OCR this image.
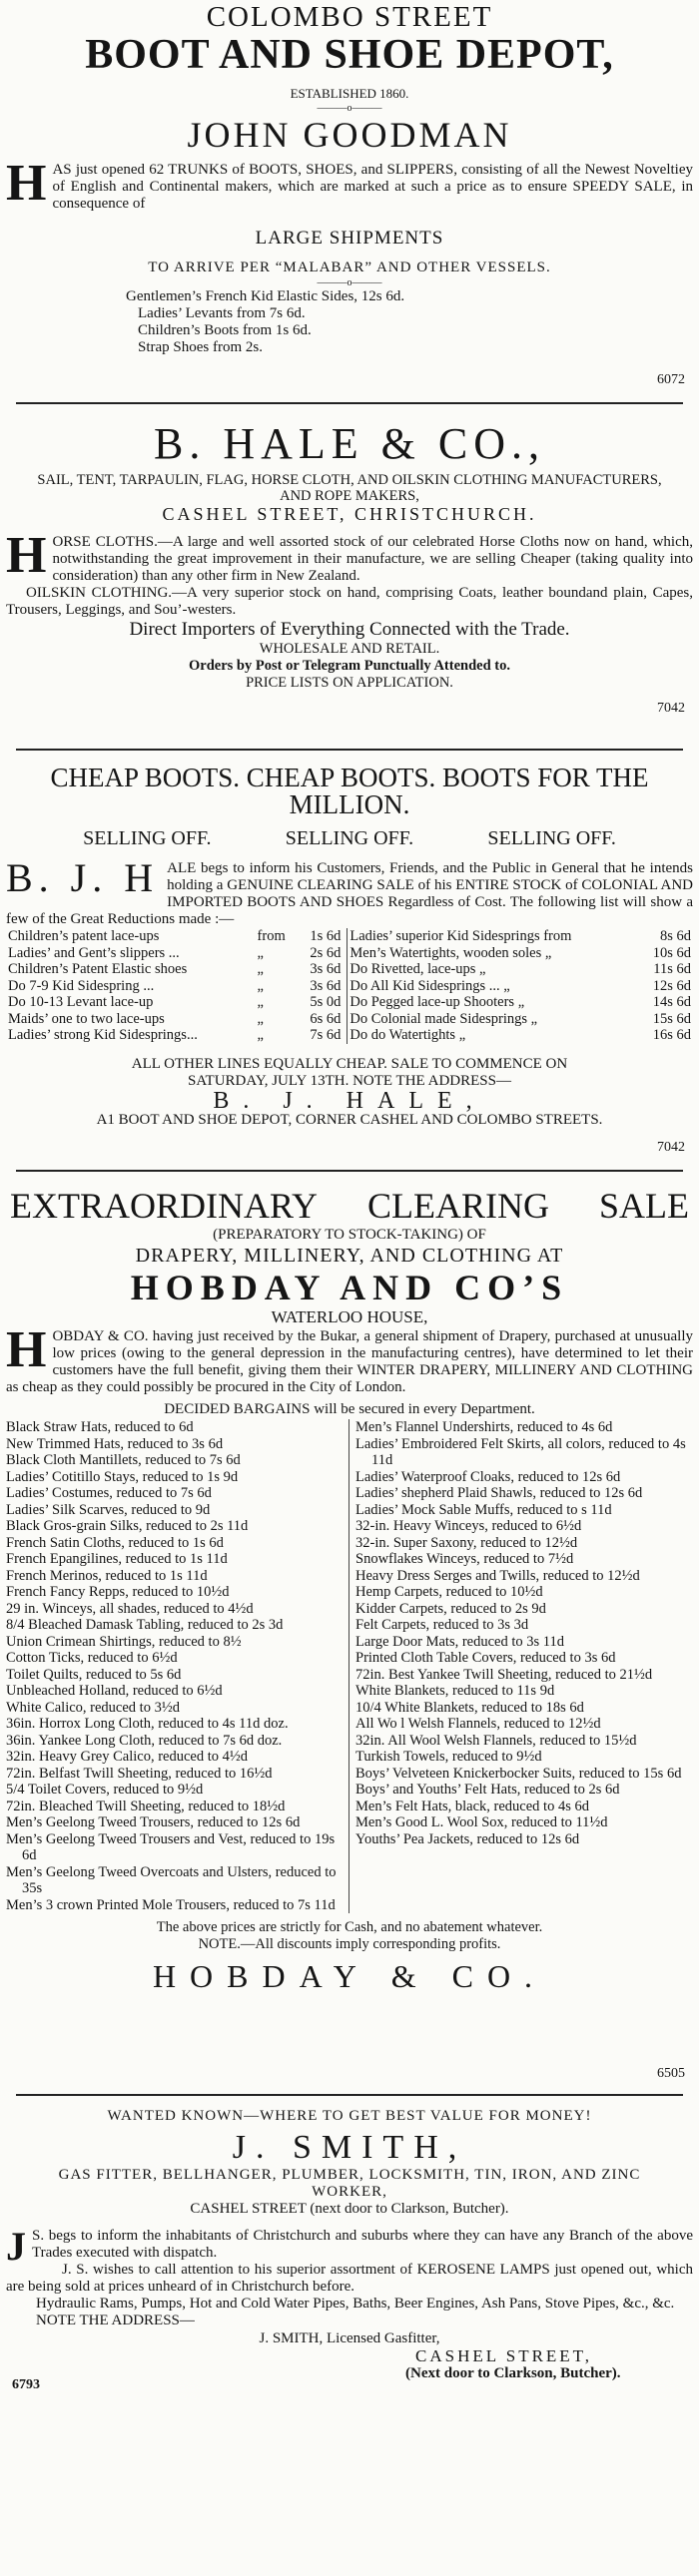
COLOMBO STREET
BOOT AND SHOE DEPOT,
ESTABLISHED 1860.
———o———
JOHN GOODMAN
H AS just opened 62 TRUNKS of BOOTS, SHOES, and SLIPPERS, consisting of all the Newest Noveltiey of English and Continental makers, which are marked at such a price as to ensure SPEEDY SALE, in consequence of
LARGE SHIPMENTS
TO ARRIVE PER “MALABAR” AND OTHER VESSELS.
———o———
Gentlemen’s French Kid Elastic Sides, 12s 6d.
Ladies’ Levants from 7s 6d.
Children’s Boots from 1s 6d.
Strap Shoes from 2s.
6072
B. HALE & CO.,
SAIL, TENT, TARPAULIN, FLAG, HORSE CLOTH, AND OILSKIN CLOTHING MANUFACTURERS, AND ROPE MAKERS,
CASHEL STREET, CHRISTCHURCH.
H ORSE CLOTHS.—A large and well assorted stock of our celebrated Horse Cloths now on hand, which, notwithstanding the great improvement in their manufacture, we are selling Cheaper (taking quality into consideration) than any other firm in New Zealand.
OILSKIN CLOTHING.—A very superior stock on hand, comprising Coats, leather boundand plain, Capes, Trousers, Leggings, and Sou’-westers.
Direct Importers of Everything Connected with the Trade.
WHOLESALE AND RETAIL.
Orders by Post or Telegram Punctually Attended to.
PRICE LISTS ON APPLICATION.
7042
CHEAP BOOTS. CHEAP BOOTS. BOOTS FOR THE MILLION.
SELLING OFF.	SELLING OFF.	SELLING OFF.
B. J. H ALE begs to inform his Customers, Friends, and the Public in General that he intends holding a GENUINE CLEARING SALE of his ENTIRE STOCK of COLONIAL AND IMPORTED BOOTS AND SHOES Regardless of Cost. The following list will show a few of the Great Reductions made :—
Children’s patent lace-ups	from	1s 6d	Ladies’ superior Kid Sidesprings from	8s 6d
Ladies’ and Gent’s slippers ...	„	2s 6d	Men’s Watertights, wooden soles „	10s 6d
Children’s Patent Elastic shoes	„	3s 6d	Do Rivetted, lace-ups „	11s 6d
Do 7-9 Kid Sidespring ...	„	3s 6d	Do All Kid Sidesprings ... „	12s 6d
Do 10-13 Levant lace-up	„	5s 0d	Do Pegged lace-up Shooters „	14s 6d
Maids’ one to two lace-ups	„	6s 6d	Do Colonial made Sidesprings „	15s 6d
Ladies’ strong Kid Sidesprings...	„	7s 6d	Do do Watertights „	16s 6d
ALL OTHER LINES EQUALLY CHEAP. SALE TO COMMENCE ON
SATURDAY, JULY 13TH. NOTE THE ADDRESS—
B. J. HALE,
A1 BOOT AND SHOE DEPOT, CORNER CASHEL AND COLOMBO STREETS.
7042
EXTRAORDINARY CLEARING SALE
(PREPARATORY TO STOCK-TAKING) OF
DRAPERY, MILLINERY, AND CLOTHING AT
HOBDAY AND CO’S
WATERLOO HOUSE,
H OBDAY & CO. having just received by the Bukar, a general shipment of Drapery, purchased at unusually low prices (owing to the general depression in the manufacturing centres), have determined to let their customers have the full benefit, giving them their WINTER DRAPERY, MILLINERY AND CLOTHING as cheap as they could possibly be procured in the City of London.
DECIDED BARGAINS will be secured in every Department.
Black Straw Hats, reduced to 6d
New Trimmed Hats, reduced to 3s 6d
Black Cloth Mantillets, reduced to 7s 6d
Ladies’ Cotitillo Stays, reduced to 1s 9d
Ladies’ Costumes, reduced to 7s 6d
Ladies’ Silk Scarves, reduced to 9d
Black Gros-grain Silks, reduced to 2s 11d
French Satin Cloths, reduced to 1s 6d
French Epangilines, reduced to 1s 11d
French Merinos, reduced to 1s 11d
French Fancy Repps, reduced to 10½d
29 in. Winceys, all shades, reduced to 4½d
8/4 Bleached Damask Tabling, reduced to 2s 3d
Union Crimean Shirtings, reduced to 8½
Cotton Ticks, reduced to 6½d
Toilet Quilts, reduced to 5s 6d
Unbleached Holland, reduced to 6½d
White Calico, reduced to 3½d
36in. Horrox Long Cloth, reduced to 4s 11d doz.
36in. Yankee Long Cloth, reduced to 7s 6d doz.
32in. Heavy Grey Calico, reduced to 4½d
72in. Belfast Twill Sheeting, reduced to 16½d
5/4 Toilet Covers, reduced to 9½d
72in. Bleached Twill Sheeting, reduced to 18½d
Men’s Geelong Tweed Trousers, reduced to 12s 6d
Men’s Geelong Tweed Trousers and Vest, reduced to 19s 6d
Men’s Geelong Tweed Overcoats and Ulsters, reduced to 35s
Men’s 3 crown Printed Mole Trousers, reduced to 7s 11d
Men’s Flannel Undershirts, reduced to 4s 6d
Ladies’ Embroidered Felt Skirts, all colors, reduced to 4s 11d
Ladies’ Waterproof Cloaks, reduced to 12s 6d
Ladies’ shepherd Plaid Shawls, reduced to 12s 6d
Ladies’ Mock Sable Muffs, reduced to s 11d
32-in. Heavy Winceys, reduced to 6½d
32-in. Super Saxony, reduced to 12½d
Snowflakes Winceys, reduced to 7½d
Heavy Dress Serges and Twills, reduced to 12½d
Hemp Carpets, reduced to 10½d
Kidder Carpets, reduced to 2s 9d
Felt Carpets, reduced to 3s 3d
Large Door Mats, reduced to 3s 11d
Printed Cloth Table Covers, reduced to 3s 6d
72in. Best Yankee Twill Sheeting, reduced to 21½d
White Blankets, reduced to 11s 9d
10/4 White Blankets, reduced to 18s 6d
All Wo l Welsh Flannels, reduced to 12½d
32in. All Wool Welsh Flannels, reduced to 15½d
Turkish Towels, reduced to 9½d
Boys’ Velveteen Knickerbocker Suits, reduced to 15s 6d
Boys’ and Youths’ Felt Hats, reduced to 2s 6d
Men’s Felt Hats, black, reduced to 4s 6d
Men’s Good L. Wool Sox, reduced to 11½d
Youths’ Pea Jackets, reduced to 12s 6d
The above prices are strictly for Cash, and no abatement whatever.
NOTE.—All discounts imply corresponding profits.
HOBDAY & CO.
6505
WANTED KNOWN—WHERE TO GET BEST VALUE FOR MONEY!
J. SMITH,
GAS FITTER, BELLHANGER, PLUMBER, LOCKSMITH, TIN, IRON, AND ZINC WORKER,
CASHEL STREET (next door to Clarkson, Butcher).
J S. begs to inform the inhabitants of Christchurch and suburbs where they can have any Branch of the above Trades executed with dispatch.
J. S. wishes to call attention to his superior assortment of KEROSENE LAMPS just opened out, which are being sold at prices unheard of in Christchurch before.
Hydraulic Rams, Pumps, Hot and Cold Water Pipes, Baths, Beer Engines, Ash Pans, Stove Pipes, &c., &c.
NOTE THE ADDRESS—
J. SMITH, Licensed Gasfitter,
CASHEL STREET,
(Next door to Clarkson, Butcher).
6793
